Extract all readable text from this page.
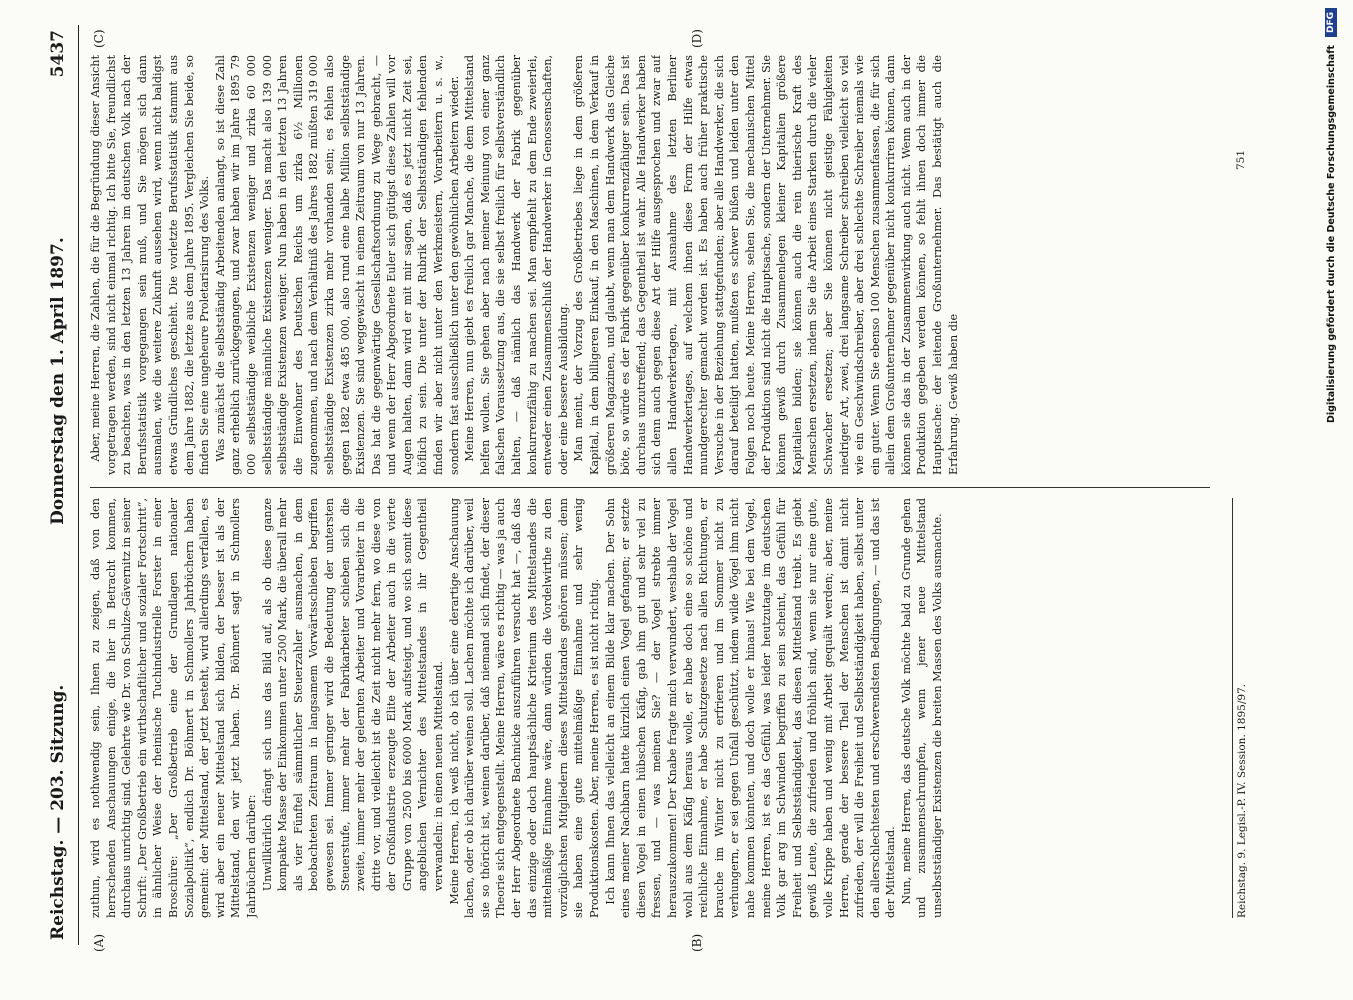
Reichstag. — 203. Sitzung.
Donnerstag den 1. April 1897.
5437
(A)	(B)
(C)	(D)

zuthun, wird es nothwendig sein, Ihnen zu zeigen, daß von den herrschenden Anschauungen einige, die hier in Betracht kommen, durchaus unrichtig sind. Gelehrte wie Dr. von Schulze-Gävernitz in seiner Schrift: „Der Großbetrieb ein wirthschaftlicher und sozialer Fortschritt“, in ähnlicher Weise der rheinische Tuchindustrielle Forster in einer Broschüre: „Der Großbetrieb eine der Grundlagen nationaler Sozialpolitik“, endlich Dr. Böhmert in Schmollers Jahrbüchern haben gemeint: der Mittelstand, der jetzt besteht, wird allerdings verfallen, es wird aber ein neuer Mittelstand sich bilden, der besser ist als der Mittelstand, den wir jetzt haben. Dr. Böhmert sagt in Schmollers Jahrbüchern darüber: Unwillkürlich drängt sich uns das Bild auf, als ob diese ganze kompakte Masse der Einkommen unter 2500 Mark, die überall mehr als vier Fünftel sämmtlicher Steuerzahler ausmachen, in dem beobachteten Zeitraum in langsamem Vorwärtsschieben begriffen gewesen sei. Immer geringer wird die Bedeutung der untersten Steuerstufe, immer mehr der Fabrikarbeiter schieben sich die zweite, immer mehr der gelernten Arbeiter und Vorarbeiter in die dritte vor, und vielleicht ist die Zeit nicht mehr fern, wo diese von der Großindustrie erzeugte Elite der Arbeiter auch in die vierte Gruppe von 2500 bis 6000 Mark aufsteigt, und wo sich somit diese angeblichen Vernichter des Mittelstandes in ihr Gegentheil verwandeln: in einen neuen Mittelstand. Meine Herren, ich weiß nicht, ob ich über eine derartige Anschauung lachen, oder ob ich darüber weinen soll. Lachen möchte ich darüber, weil sie so thöricht ist, weinen darüber, daß niemand sich findet, der dieser Theorie sich entgegenstellt. Meine Herren, wäre es richtig — was ja auch der Herr Abgeordnete Bachnicke auszuführen versucht hat —, daß das das einzige oder doch hauptsächliche Kriterium des Mittelstandes die mittelmäßige Einnahme wäre, dann würden die Vordelwirthe zu den vorzüglichsten Mitgliedern dieses Mittelstandes gehören müssen; denn sie haben eine gute mittelmäßige Einnahme und sehr wenig Produktionskosten. Aber, meine Herren, es ist nicht richtig. Ich kann Ihnen das vielleicht an einem Bilde klar machen. Der Sohn eines meiner Nachbarn hatte kürzlich einen Vogel gefangen; er setzte diesen Vogel in einen hübschen Käfig, gab ihm gut und sehr viel zu fressen, und — was meinen Sie? — der Vogel strebte immer herauszukommen! Der Knabe fragte mich verwundert, weshalb der Vogel wohl aus dem Käfig heraus wolle, er habe doch eine so schöne und reichliche Einnahme, er habe Schutzgesetze nach allen Richtungen, er brauche im Winter nicht zu erfrieren und im Sommer nicht zu verhungern, er sei gegen Unfall geschützt, indem wilde Vögel ihm nicht nahe kommen könnten, und doch wolle er hinaus! Wie bei dem Vogel, meine Herren, ist es das Gefühl, was leider heutzutage im deutschen Volk gar arg im Schwinden begriffen zu sein scheint, das Gefühl für Freiheit und Selbstständigkeit, das diesen Mittelstand treibt. Es giebt gewiß Leute, die zufrieden und fröhlich sind, wenn sie nur eine gute, volle Krippe haben und wenig mit Arbeit gequält werden; aber, meine Herren, gerade der bessere Theil der Menschen ist damit nicht zufrieden, der will die Freiheit und Selbstständigkeit haben, selbst unter den allerschlechtesten und erschwerendsten Bedingungen, — und das ist der Mittelstand. Nun, meine Herren, das deutsche Volk möchte bald zu Grunde gehen und zusammenschrumpfen, wenn jener neue Mittelstand unselbstständiger Existenzen die breiten Massen des Volks ausmachte.

Aber, meine Herren, die Zahlen, die für die Begründung dieser Ansicht vorgetragen werden, sind nicht einmal richtig. Ich bitte Sie, freundlichst zu beachten, was in den letzten 13 Jahren im deutschen Volk nach der Berufsstatistik vorgegangen sein muß, und Sie mögen sich dann ausmalen, wie die weitere Zukunft aussehen wird, wenn nicht baldigst etwas Gründliches geschieht. Die vorletzte Berufsstatistik stammt aus dem Jahre 1882, die letzte aus dem Jahre 1895. Vergleichen Sie beide, so finden Sie eine ungeheure Proletarisirung des Volks. Was zunächst die selbstständig Arbeitenden anlangt, so ist diese Zahl ganz erheblich zurückgegangen, und zwar haben wir im Jahre 1895 79 000 selbstständige weibliche Existenzen weniger und zirka 60 000 selbstständige männliche Existenzen weniger. Das macht also 139 000 selbstständige Existenzen weniger. Nun haben in den letzten 13 Jahren die Einwohner des Deutschen Reichs um zirka 6½ Millionen zugenommen, und nach dem Verhältniß des Jahres 1882 müßten 319 000 selbstständige Existenzen zirka mehr vorhanden sein; es fehlen also gegen 1882 etwa 485 000, also rund eine halbe Million selbstständige Existenzen. Sie sind weggewischt in einem Zeitraum von nur 13 Jahren. Das hat die gegenwärtige Gesellschaftsordnung zu Wege gebracht, — und wenn der Herr Abgeordnete Euler sich gütigst diese Zahlen will vor Augen halten, dann wird er mit mir sagen, daß es jetzt nicht Zeit sei, höflich zu sein. Die unter der Rubrik der Selbstständigen fehlenden finden wir aber nicht unter den Werkmeistern, Vorarbeitern u. s. w., sondern fast ausschließlich unter den gewöhnlichen Arbeitern wieder. Meine Herren, nun giebt es freilich gar Manche, die dem Mittelstand helfen wollen. Sie gehen aber nach meiner Meinung von einer ganz falschen Voraussetzung aus, die sie selbst freilich für selbstverständlich halten, — daß nämlich das Handwerk der Fabrik gegenüber konkurrenzfähig zu machen sei. Man empfiehlt zu dem Ende zweierlei, entweder einen Zusammenschluß der Handwerker in Genossenschaften, oder eine bessere Ausbildung. Man meint, der Vorzug des Großbetriebes liege in dem größeren Kapital, in dem billigeren Einkauf, in den Maschinen, in dem Verkauf in größeren Magazinen, und glaubt, wenn man dem Handwerk das Gleiche böte, so würde es der Fabrik gegenüber konkurrenzfähiger sein. Das ist durchaus unzutreffend; das Gegentheil ist wahr. Alle Handwerker haben sich denn auch gegen diese Art der Hilfe ausgesprochen und zwar auf allen Handwerkertagen, mit Ausnahme des letzten Berliner Handwerkertages, auf welchem ihnen diese Form der Hilfe etwas mundgerechter gemacht worden ist. Es haben auch früher praktische Versuche in der Beziehung stattgefunden; aber alle Handwerker, die sich darauf beteiligt hatten, mußten es schwer büßen und leiden unter den Folgen noch heute. Meine Herren, sehen Sie, die mechanischen Mittel der Produktion sind nicht die Hauptsache, sondern der Unternehmer. Sie können gewiß durch Zusammenlegen kleiner Kapitalien größere Kapitalien bilden; sie können auch die rein thierische Kraft des Menschen ersetzen, indem Sie die Arbeit eines Starken durch die vieler Schwacher ersetzen; aber Sie können nicht geistige Fähigkeiten niedriger Art, zwei, drei langsame Schreiber schreiben vielleicht so viel wie ein Geschwindschreiber, aber drei schlechte Schreiber niemals wie ein guter. Wenn Sie ebenso 100 Menschen zusammenfassen, die für sich allein dem Großunternehmer gegenüber nicht konkurriren können, dann können sie das in der Zusammenwirkung auch nicht. Wenn auch in der Produktion gegeben werden können, so fehlt ihnen doch immer die Hauptsache: der leitende Großunternehmer. Das bestätigt auch die Erfahrung. Gewiß haben die

Reichstag. 9. Legisl.-P. IV. Session. 1895/97.
751	Digitalisierung gefördert durch die Deutsche Forschungsgemeinschaft
DFG
